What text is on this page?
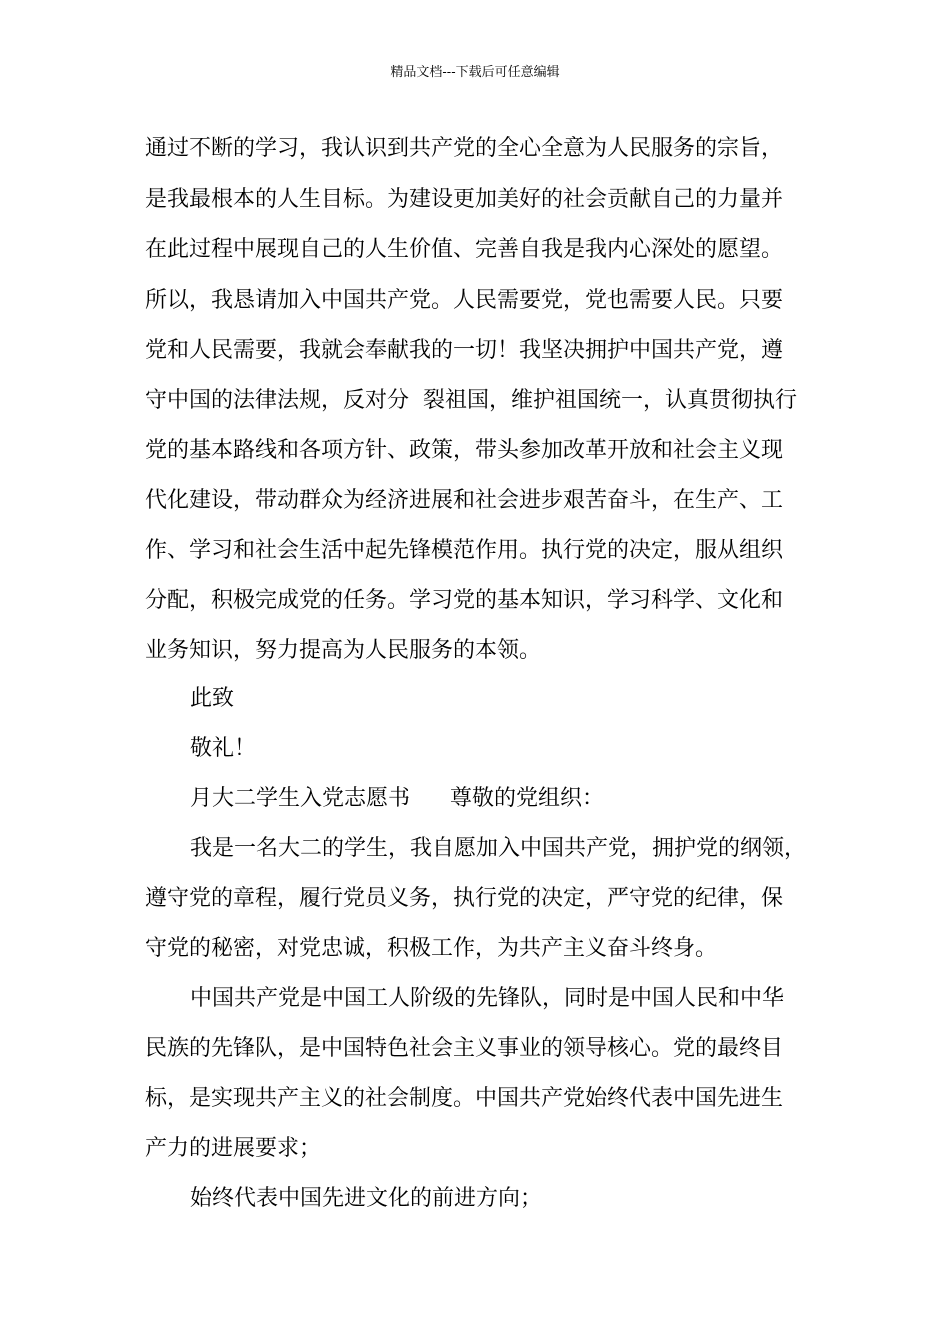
精品文档---下载后可任意编辑
通过不断的学习，我认识到共产党的全心全意为人民服务的宗旨，
是我最根本的人生目标。为建设更加美好的社会贡献自己的力量并
在此过程中展现自己的人生价值、完善自我是我内心深处的愿望。
所以，我恳请加入中国共产党。人民需要党，党也需要人民。只要
党和人民需要，我就会奉献我的一切！我坚决拥护中国共产党，遵
守中国的法律法规，反对分  裂祖国，维护祖国统一，认真贯彻执行
党的基本路线和各项方针、政策，带头参加改革开放和社会主义现
代化建设，带动群众为经济进展和社会进步艰苦奋斗，在生产、工
作、学习和社会生活中起先锋模范作用。执行党的决定，服从组织
分配，积极完成党的任务。学习党的基本知识，学习科学、文化和
业务知识，努力提高为人民服务的本领。
此致
敬礼！
月大二学生入党志愿书 尊敬的党组织：
我是一名大二的学生，我自愿加入中国共产党，拥护党的纲领，
遵守党的章程，履行党员义务，执行党的决定，严守党的纪律，保
守党的秘密，对党忠诚，积极工作，为共产主义奋斗终身。
中国共产党是中国工人阶级的先锋队，同时是中国人民和中华
民族的先锋队，是中国特色社会主义事业的领导核心。党的最终目
标，是实现共产主义的社会制度。中国共产党始终代表中国先进生
产力的进展要求；
始终代表中国先进文化的前进方向；
